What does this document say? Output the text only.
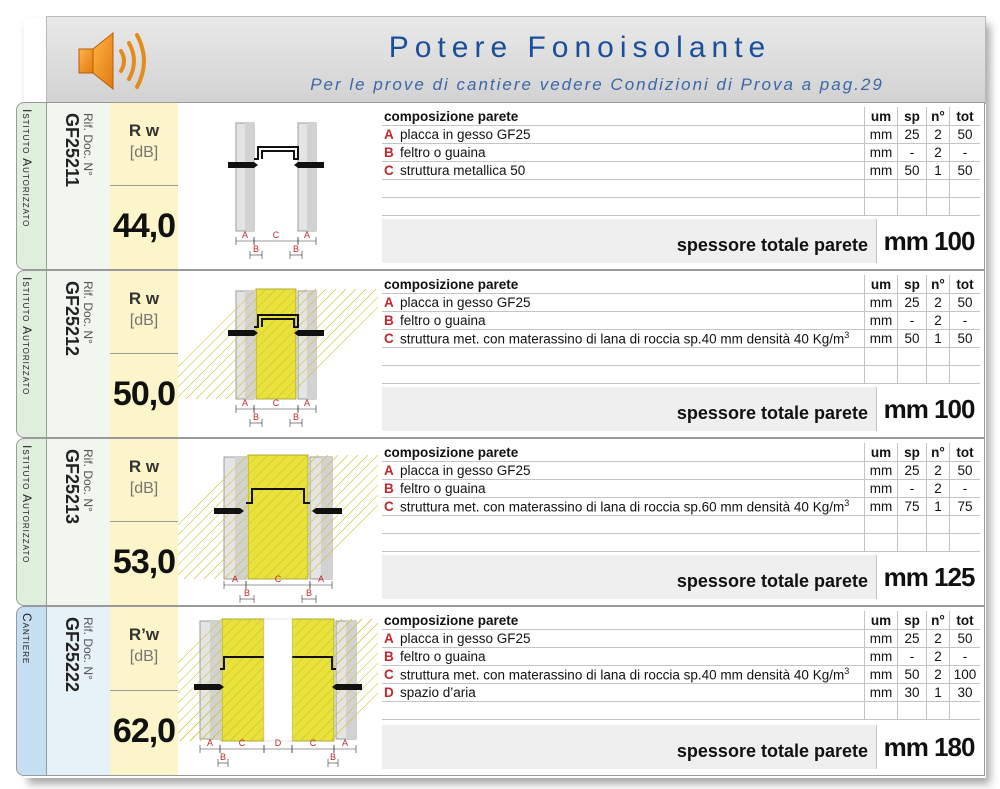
Potere Fonoisolante
Per le prove di cantiere vedere Condizioni di Prova a pag.29
Istituto Autorizzato	Rif. Doc. N°
GF25211	R w
[dB]
44,0	A	C	A
B	B
composizione parete		um	sp	n°	tot
A	placca in gesso GF25	mm	25	2	50
B	feltro o guaina	mm	-	2	-
C	struttura metallica 50	mm	50	1	50

spessore totale parete mm 100
Istituto Autorizzato	Rif. Doc. N°
GF25212	R w
[dB]
50,0	A	C	A
B	B
composizione parete		um	sp	n°	tot
A	placca in gesso GF25	mm	25	2	50
B	feltro o guaina	mm	-	2	-
C	struttura met. con materassino di lana di roccia sp.40 mm densità 40 $Kg/m^3$	mm	50	1	50

spessore totale parete mm 100
Istituto Autorizzato	Rif. Doc. N°
GF25213	R w
[dB]
53,0	A	C	A
B	B
composizione parete		um	sp	n°	tot
A	placca in gesso GF25	mm	25	2	50
B	feltro o guaina	mm	-	2	-
C	struttura met. con materassino di lana di roccia sp.60 mm densità 40 $Kg/m^3$	mm	75	1	75

spessore totale parete mm 125
Cantiere	Rif. Doc. N°
GF25222	R’w
[dB]
62,0	A	C	D	C	A
B	B
composizione parete		um	sp	n°	tot
A	placca in gesso GF25	mm	25	2	50
B	feltro o guaina	mm	-	2	-
C	struttura met. con materassino di lana di roccia sp.40 mm densità 40 $Kg/m^3$	mm	50	2	100
D	spazio d’aria	mm	30	1	30

spessore totale parete mm 180
